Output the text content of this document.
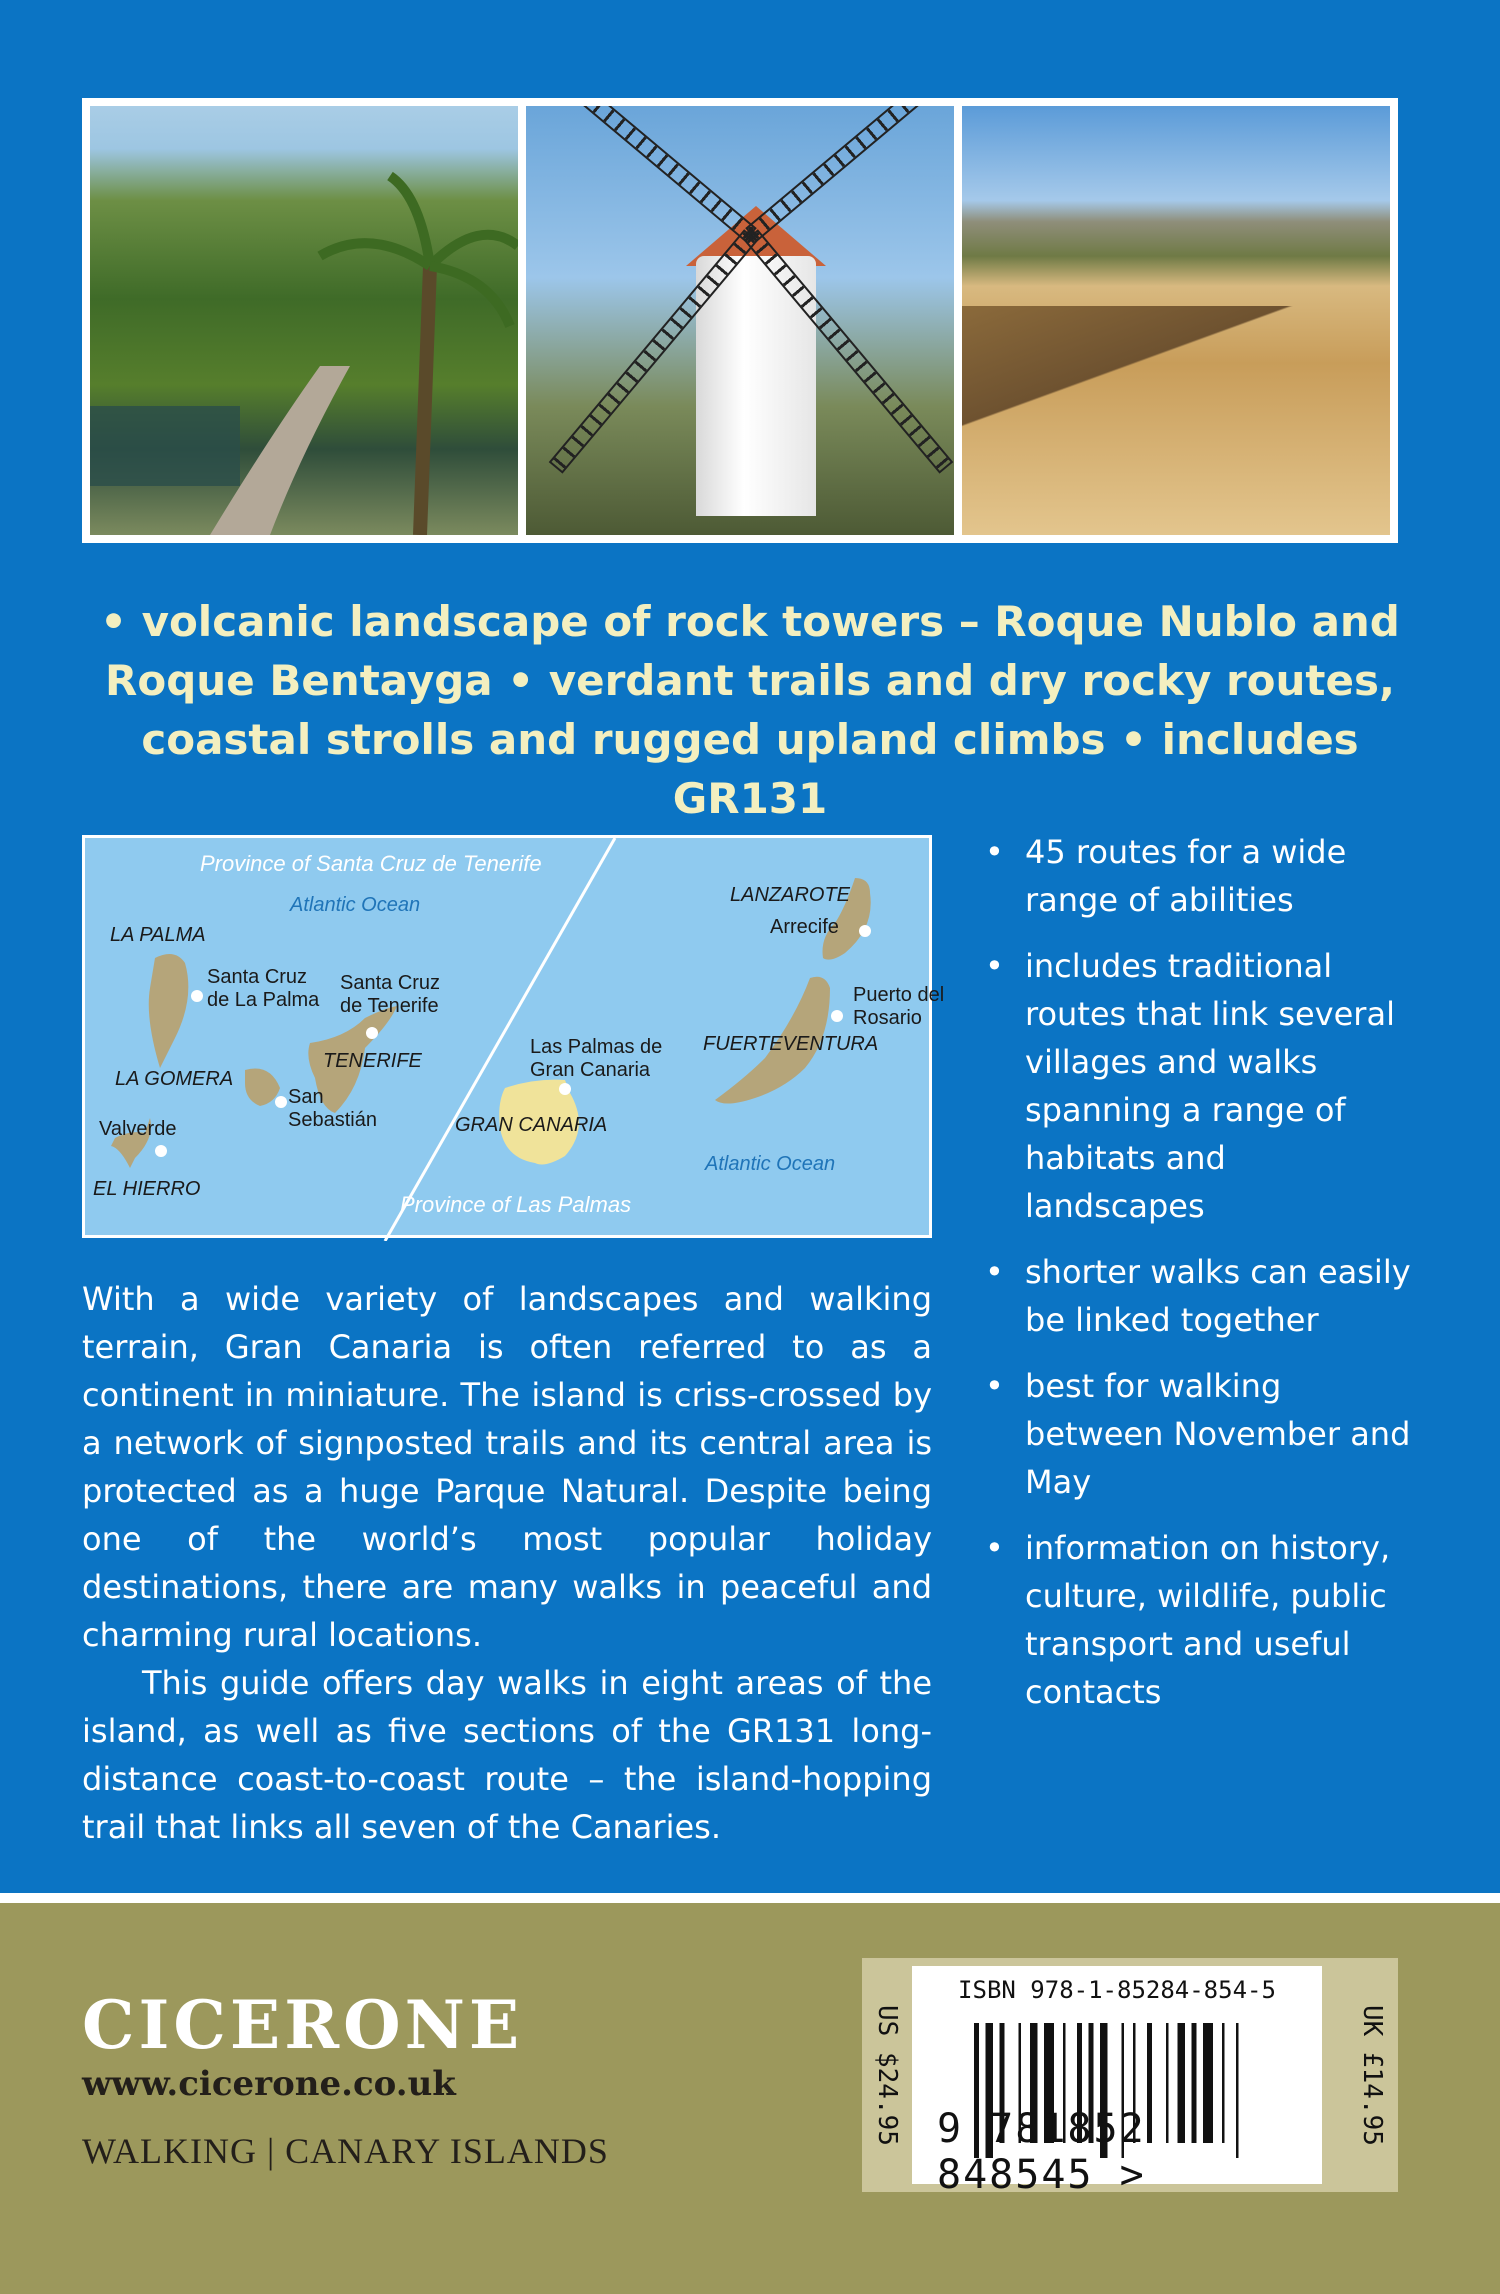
• volcanic landscape of rock towers – Roque Nublo and
Roque Bentayga • verdant trails and dry rocky routes,
coastal strolls and rugged upland climbs • includes GR131
Province of Santa Cruz de Tenerife
Province of Las Palmas
Atlantic Ocean
Atlantic Ocean
LA PALMA
LA GOMERA
EL HIERRO
TENERIFE
GRAN CANARIA
LANZAROTE
FUERTEVENTURA
Santa Cruz
de La Palma
Santa Cruz
de Tenerife
San
Sebastián
Valverde
Las Palmas de
Gran Canaria
Arrecife
Puerto del
Rosario
• 45 routes for a wide range of abilities
• includes traditional routes that link several villages and walks spanning a range of habitats and landscapes
• shorter walks can easily be linked together
• best for walking between November and May
• information on history, culture, wildlife, public transport and useful contacts

With a wide variety of landscapes and walking terrain, Gran Canaria is often referred to as a continent in miniature. The island is criss-crossed by a network of signposted trails and its central area is protected as a huge Parque Natural. Despite being one of the world’s most popular holiday destinations, there are many walks in peaceful and charming rural locations.

This guide offers day walks in eight areas of the island, as well as five sections of the GR131 long-distance coast-to-coast route – the island-hopping trail that links all seven of the Canaries.

CICERONE
www.cicerone.co.uk
WALKING | CANARY ISLANDS
US $24.95
ISBN 978-1-85284-854-5
9 781852 848545 >
UK £14.95
